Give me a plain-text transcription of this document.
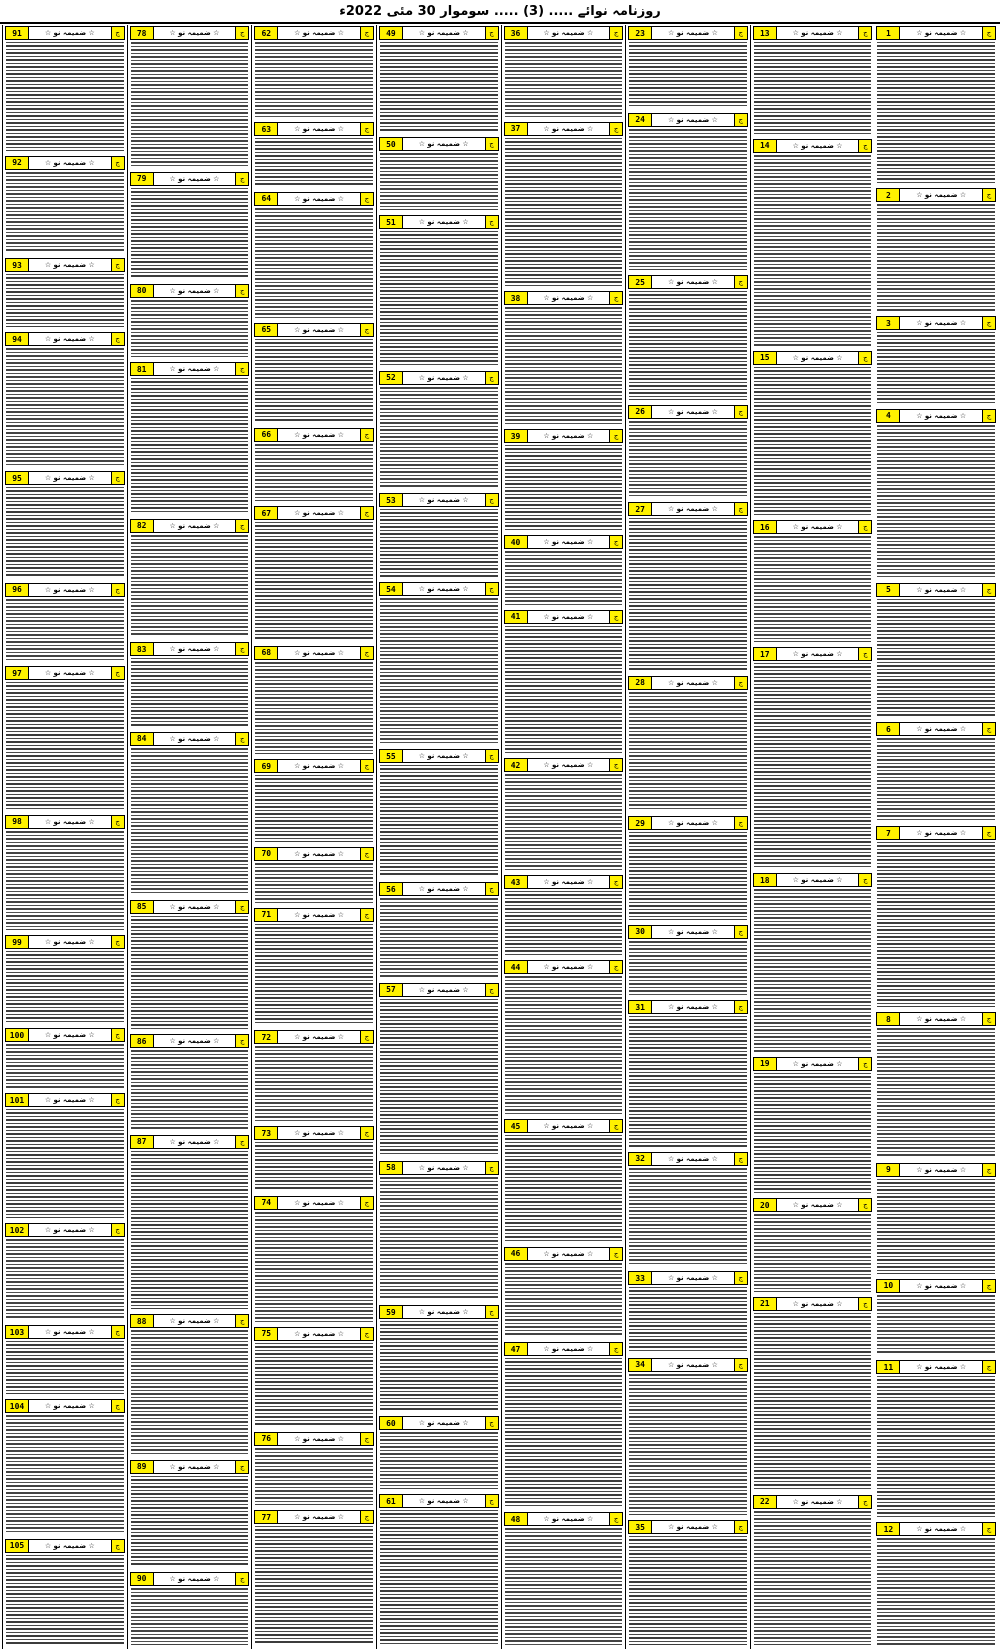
روزنامہ نوائے ..... (3) ..... سوموار 30 مئی 2022ء
ج
☆ ضمیمہ نو ☆
1
ج
☆ ضمیمہ نو ☆
2
ج
☆ ضمیمہ نو ☆
3
ج
☆ ضمیمہ نو ☆
4
ج
☆ ضمیمہ نو ☆
5
ج
☆ ضمیمہ نو ☆
6
ج
☆ ضمیمہ نو ☆
7
ج
☆ ضمیمہ نو ☆
8
ج
☆ ضمیمہ نو ☆
9
ج
☆ ضمیمہ نو ☆
10
ج
☆ ضمیمہ نو ☆
11
ج
☆ ضمیمہ نو ☆
12
ج
☆ ضمیمہ نو ☆
13
ج
☆ ضمیمہ نو ☆
14
ج
☆ ضمیمہ نو ☆
15
ج
☆ ضمیمہ نو ☆
16
ج
☆ ضمیمہ نو ☆
17
ج
☆ ضمیمہ نو ☆
18
ج
☆ ضمیمہ نو ☆
19
ج
☆ ضمیمہ نو ☆
20
ج
☆ ضمیمہ نو ☆
21
ج
☆ ضمیمہ نو ☆
22
ج
☆ ضمیمہ نو ☆
23
ج
☆ ضمیمہ نو ☆
24
ج
☆ ضمیمہ نو ☆
25
ج
☆ ضمیمہ نو ☆
26
ج
☆ ضمیمہ نو ☆
27
ج
☆ ضمیمہ نو ☆
28
ج
☆ ضمیمہ نو ☆
29
ج
☆ ضمیمہ نو ☆
30
ج
☆ ضمیمہ نو ☆
31
ج
☆ ضمیمہ نو ☆
32
ج
☆ ضمیمہ نو ☆
33
ج
☆ ضمیمہ نو ☆
34
ج
☆ ضمیمہ نو ☆
35
ج
☆ ضمیمہ نو ☆
36
ج
☆ ضمیمہ نو ☆
37
ج
☆ ضمیمہ نو ☆
38
ج
☆ ضمیمہ نو ☆
39
ج
☆ ضمیمہ نو ☆
40
ج
☆ ضمیمہ نو ☆
41
ج
☆ ضمیمہ نو ☆
42
ج
☆ ضمیمہ نو ☆
43
ج
☆ ضمیمہ نو ☆
44
ج
☆ ضمیمہ نو ☆
45
ج
☆ ضمیمہ نو ☆
46
ج
☆ ضمیمہ نو ☆
47
ج
☆ ضمیمہ نو ☆
48
ج
☆ ضمیمہ نو ☆
49
ج
☆ ضمیمہ نو ☆
50
ج
☆ ضمیمہ نو ☆
51
ج
☆ ضمیمہ نو ☆
52
ج
☆ ضمیمہ نو ☆
53
ج
☆ ضمیمہ نو ☆
54
ج
☆ ضمیمہ نو ☆
55
ج
☆ ضمیمہ نو ☆
56
ج
☆ ضمیمہ نو ☆
57
ج
☆ ضمیمہ نو ☆
58
ج
☆ ضمیمہ نو ☆
59
ج
☆ ضمیمہ نو ☆
60
ج
☆ ضمیمہ نو ☆
61
ج
☆ ضمیمہ نو ☆
62
ج
☆ ضمیمہ نو ☆
63
ج
☆ ضمیمہ نو ☆
64
ج
☆ ضمیمہ نو ☆
65
ج
☆ ضمیمہ نو ☆
66
ج
☆ ضمیمہ نو ☆
67
ج
☆ ضمیمہ نو ☆
68
ج
☆ ضمیمہ نو ☆
69
ج
☆ ضمیمہ نو ☆
70
ج
☆ ضمیمہ نو ☆
71
ج
☆ ضمیمہ نو ☆
72
ج
☆ ضمیمہ نو ☆
73
ج
☆ ضمیمہ نو ☆
74
ج
☆ ضمیمہ نو ☆
75
ج
☆ ضمیمہ نو ☆
76
ج
☆ ضمیمہ نو ☆
77
ج
☆ ضمیمہ نو ☆
78
ج
☆ ضمیمہ نو ☆
79
ج
☆ ضمیمہ نو ☆
80
ج
☆ ضمیمہ نو ☆
81
ج
☆ ضمیمہ نو ☆
82
ج
☆ ضمیمہ نو ☆
83
ج
☆ ضمیمہ نو ☆
84
ج
☆ ضمیمہ نو ☆
85
ج
☆ ضمیمہ نو ☆
86
ج
☆ ضمیمہ نو ☆
87
ج
☆ ضمیمہ نو ☆
88
ج
☆ ضمیمہ نو ☆
89
ج
☆ ضمیمہ نو ☆
90
ج
☆ ضمیمہ نو ☆
91
ج
☆ ضمیمہ نو ☆
92
ج
☆ ضمیمہ نو ☆
93
ج
☆ ضمیمہ نو ☆
94
ج
☆ ضمیمہ نو ☆
95
ج
☆ ضمیمہ نو ☆
96
ج
☆ ضمیمہ نو ☆
97
ج
☆ ضمیمہ نو ☆
98
ج
☆ ضمیمہ نو ☆
99
ج
☆ ضمیمہ نو ☆
100
ج
☆ ضمیمہ نو ☆
101
ج
☆ ضمیمہ نو ☆
102
ج
☆ ضمیمہ نو ☆
103
ج
☆ ضمیمہ نو ☆
104
ج
☆ ضمیمہ نو ☆
105
